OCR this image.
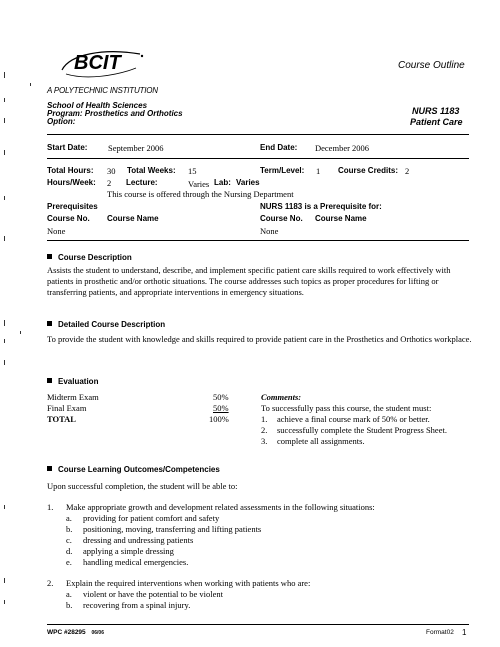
BCIT
A POLYTECHNIC INSTITUTION
Course Outline
School of Health Sciences
Program: Prosthetics and Orthotics
Option:
NURS 1183
Patient Care
Start Date: September 2006	End Date: December 2006
Total Hours: 30 Total Weeks: 15	Term/Level: 1 Course Credits: 2
Hours/Week: 2 Lecture:	Varies Lab: Varies
This course is offered through the Nursing Department
Prerequisites
Course No. Course Name
None
NURS 1183 is a Prerequisite for:
Course No. Course Name
None
Course Description
Assists the student to understand, describe, and implement specific patient care skills required to work effectively with patients in prosthetic and/or orthotic situations. The course addresses such topics as proper procedures for lifting or transferring patients, and appropriate interventions in emergency situations.
Detailed Course Description
To provide the student with knowledge and skills required to provide patient care in the Prosthetics and Orthotics workplace.
Evaluation
Midterm Exam	50%
Final Exam	50%
TOTAL	100%
Comments:
To successfully pass this course, the student must:
1. achieve a final course mark of 50% or better.
2. successfully complete the Student Progress Sheet.
3. complete all assignments.
Course Learning Outcomes/Competencies
Upon successful completion, the student will be able to:
1. Make appropriate growth and development related assessments in the following situations:
a. providing for patient comfort and safety
b. positioning, moving, transferring and lifting patients
c. dressing and undressing patients
d. applying a simple dressing
e. handling medical emergencies.
2. Explain the required interventions when working with patients who are:
a. violent or have the potential to be violent
b. recovering from a spinal injury.
WPC #28295 06/06	Format02 1
